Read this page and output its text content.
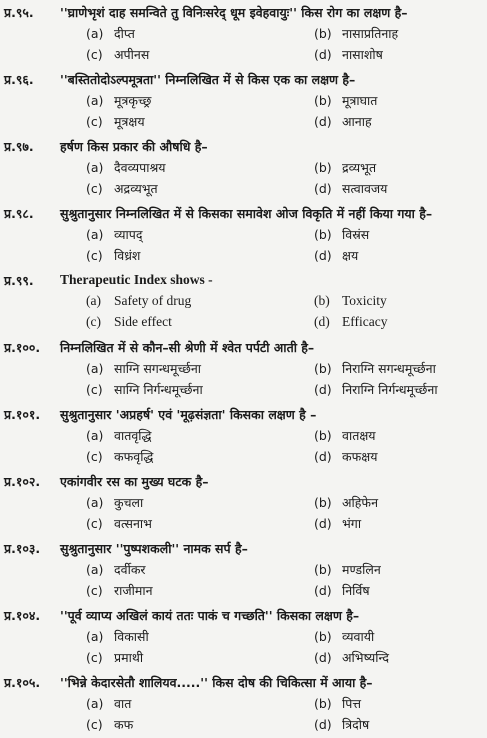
प्र.९५. ''घ्राणेभृशं दाह समन्विते तु विनिःसरेद् धूम इवेहवायुः'' किस रोग का लक्षण है–
(a) दीप्त	(b) नासाप्रतिनाह
(c) अपीनस	(d) नासाशोष
प्र.९६. ''बस्तितोदोऽल्पमूत्रता'' निम्नलिखित में से किस एक का लक्षण है–
(a) मूत्रकृच्छ्र	(b) मूत्राघात
(c) मूत्रक्षय	(d) आनाह
प्र.९७. हर्षण किस प्रकार की औषधि है–
(a) दैवव्यपाश्रय	(b) द्रव्यभूत
(c) अद्रव्यभूत	(d) सत्वावजय
प्र.९८. सुश्रुतानुसार निम्नलिखित में से किसका समावेश ओज विकृति में नहीं किया गया है–
(a) व्यापद्	(b) विस्रंस
(c) विध्रंश	(d) क्षय
प्र.९९. Therapeutic Index shows -
(a) Safety of drug	(b) Toxicity
(c) Side effect	(d) Efficacy
प्र.१००. निम्नलिखित में से कौन–सी श्रेणी में श्वेत पर्पटी आती है–
(a) साग्नि सगन्धमूर्च्छना	(b) निराग्नि सगन्धमूर्च्छना
(c) साग्नि निर्गन्धमूर्च्छना	(d) निराग्नि निर्गन्धमूर्च्छना
प्र.१०१. सुश्रुतानुसार 'अप्रहर्ष' एवं 'मूढ़संज्ञता' किसका लक्षण है –
(a) वातवृद्धि	(b) वातक्षय
(c) कफवृद्धि	(d) कफक्षय
प्र.१०२. एकांगवीर रस का मुख्य घटक है–
(a) कुचला	(b) अहिफेन
(c) वत्सनाभ	(d) भंगा
प्र.१०३. सुश्रुतानुसार ''पुष्पशकली'' नामक सर्प है–
(a) दर्वीकर	(b) मण्डलिन
(c) राजीमान	(d) निर्विष
प्र.१०४. ''पूर्व व्याप्य अखिलं कायं ततः पाकं च गच्छति'' किसका लक्षण है–
(a) विकासी	(b) व्यवायी
(c) प्रमाथी	(d) अभिष्यन्दि
प्र.१०५. ''भिन्ने केदारसेतौ शालियव.....'' किस दोष की चिकित्सा में आया है–
(a) वात	(b) पित्त
(c) कफ	(d) त्रिदोष
